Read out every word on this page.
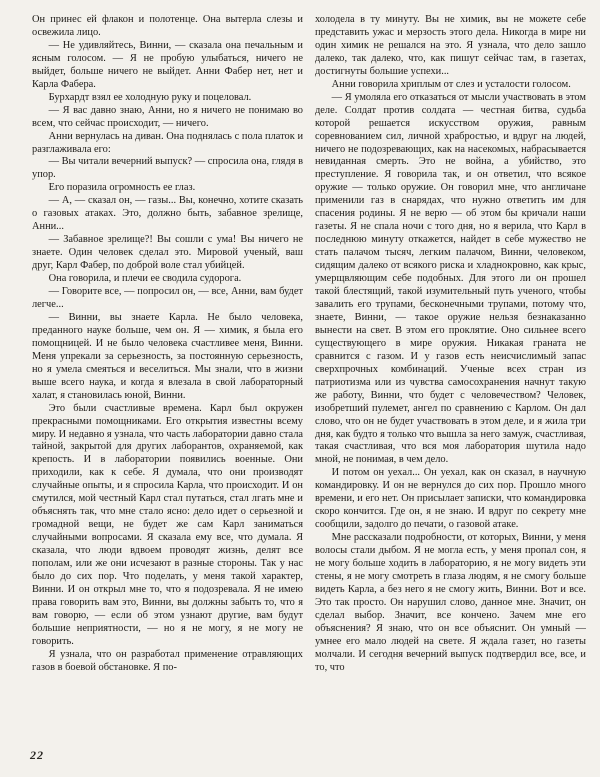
Он принес ей флакон и полотенце. Она вытерла слезы и освежила лицо.

— Не удивляйтесь, Винни, — сказала она печальным и ясным голосом. — Я не пробую улыбаться, ничего не выйдет, больше ничего не выйдет. Анни Фабер нет, нет и Карла Фабера.

Бурхардт взял ее холодную руку и поцеловал.

— Я вас давно знаю, Анни, но я ничего не понимаю во всем, что сейчас происходит, — ничего.

Анни вернулась на диван. Она поднялась с пола платок и разглаживала его:

— Вы читали вечерний выпуск? — спросила она, глядя в упор.

Его поразила огромность ее глаз.

— А, — сказал он, — газы... Вы, конечно, хотите сказать о газовых атаках. Это, должно быть, забавное зрелище, Анни...

— Забавное зрелище?! Вы сошли с ума! Вы ничего не знаете. Один человек сделал это. Мировой ученый, ваш друг, Карл Фабер, по доброй воле стал убийцей.

Она говорила, и плечи ее сводила судорога.

— Говорите все, — попросил он, — все, Анни, вам будет легче...

— Винни, вы знаете Карла. Не было человека, преданного науке больше, чем он. Я — химик, я была его помощницей. И не было человека счастливее меня, Винни. Меня упрекали за серьезность, за постоянную серьезность, но я умела смеяться и веселиться. Мы знали, что в жизни выше всего наука, и когда я влезала в свой лабораторный халат, я становилась юной, Винни.

Это были счастливые времена. Карл был окружен прекрасными помощниками. Его открытия известны всему миру. И недавно я узнала, что часть лаборатории давно стала тайной, закрытой для других лаборантов, охраняемой, как крепость. И в лаборатории появились военные. Они приходили, как к себе. Я думала, что они производят случайные опыты, и я спросила Карла, что происходит. И он смутился, мой честный Карл стал путаться, стал лгать мне и объяснять так, что мне стало ясно: дело идет о серьезной и громадной вещи, не будет же сам Карл заниматься случайными вопросами. Я сказала ему все, что думала. Я сказала, что люди вдвоем проводят жизнь, делят все пополам, или же они исчезают в разные стороны. Так у нас было до сих пор. Что поделать, у меня такой характер, Винни. И он открыл мне то, что я подозревала. Я не имею права говорить вам это, Винни, вы должны забыть то, что я вам говорю, — если об этом узнают другие, вам будут большие неприятности, — но я не могу, я не могу не говорить.

Я узнала, что он разработал применение отравляющих газов в боевой обстановке. Я по-

холодела в ту минуту. Вы не химик, вы не можете себе представить ужас и мерзость этого дела. Никогда в мире ни один химик не решался на это. Я узнала, что дело зашло далеко, так далеко, что, как пишут сейчас там, в газетах, достигнуты большие успехи...

Анни говорила хриплым от слез и усталости голосом.

— Я умоляла его отказаться от мысли участвовать в этом деле. Солдат против солдата — честная битва, судьба которой решается искусством оружия, равным соревнованием сил, личной храбростью, и вдруг на людей, ничего не подозревающих, как на насекомых, набрасывается невиданная смерть. Это не война, а убийство, это преступление. Я говорила так, и он ответил, что всякое оружие — только оружие. Он говорил мне, что англичане применили газ в снарядах, что нужно ответить им для спасения родины. Я не верю — об этом бы кричали наши газеты. Я не спала ночи с того дня, но я верила, что Карл в последнюю минуту откажется, найдет в себе мужество не стать палачом тысяч, легким палачом, Винни, человеком, сидящим далеко от всякого риска и хладнокровно, как крыс, умерщвляющим себе подобных. Для этого ли он прошел такой блестящий, такой изумительный путь ученого, чтобы завалить его трупами, бесконечными трупами, потому что, знаете, Винни, — такое оружие нельзя безнаказанно вынести на свет. В этом его проклятие. Оно сильнее всего существующего в мире оружия. Никакая граната не сравнится с газом. И у газов есть неисчислимый запас сверхпрочных комбинаций. Ученые всех стран из патриотизма или из чувства самосохранения начнут такую же работу, Винни, что будет с человечеством? Человек, изобретший пулемет, ангел по сравнению с Карлом. Он дал слово, что он не будет участвовать в этом деле, и я жила три дня, как будто я только что вышла за него замуж, счастливая, такая счастливая, что вся моя лаборатория шутила надо мной, не понимая, в чем дело.

И потом он уехал... Он уехал, как он сказал, в научную командировку. И он не вернулся до сих пор. Прошло много времени, и его нет. Он присылает записки, что командировка скоро кончится. Где он, я не знаю. И вдруг по секрету мне сообщили, задолго до печати, о газовой атаке.

Мне рассказали подробности, от которых, Винни, у меня волосы стали дыбом. Я не могла есть, у меня пропал сон, я не могу больше ходить в лабораторию, я не могу видеть эти стены, я не могу смотреть в глаза людям, я не смогу больше видеть Карла, а без него я не смогу жить, Винни. Вот и все. Это так просто. Он нарушил слово, данное мне. Значит, он сделал выбор. Значит, все кончено. Зачем мне его объяснения? Я знаю, что он все объяснит. Он умный — умнее его мало людей на свете. Я ждала газет, но газеты молчали. И сегодня вечерний выпуск подтвердил все, все, и то, что

22
